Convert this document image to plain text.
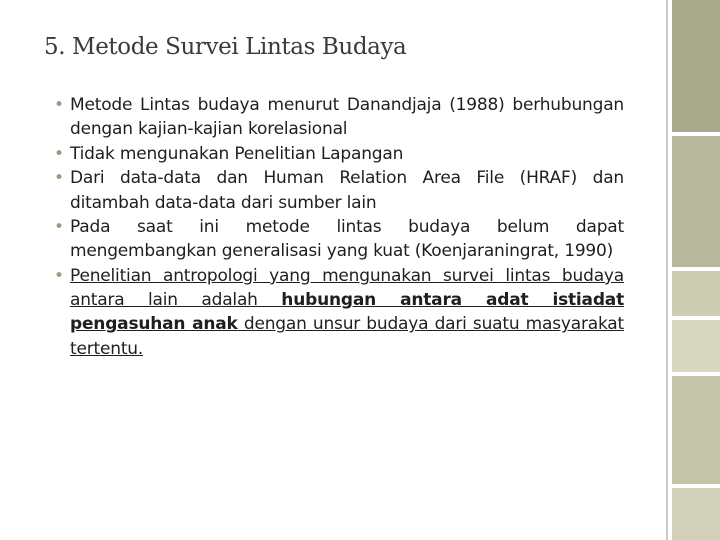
5. Metode Survei Lintas Budaya
• Metode Lintas budaya menurut Danandjaja (1988) berhubungan dengan kajian-kajian korelasional
• Tidak mengunakan Penelitian Lapangan
• Dari data-data dan Human Relation Area File (HRAF) dan ditambah data-data dari sumber lain
• Pada saat ini metode lintas budaya belum dapat mengembangkan generalisasi yang kuat (Koenjaraningrat, 1990)
• Penelitian antropologi yang mengunakan survei lintas budaya antara lain adalah hubungan antara adat istiadat pengasuhan anak dengan unsur budaya dari suatu masyarakat tertentu.
